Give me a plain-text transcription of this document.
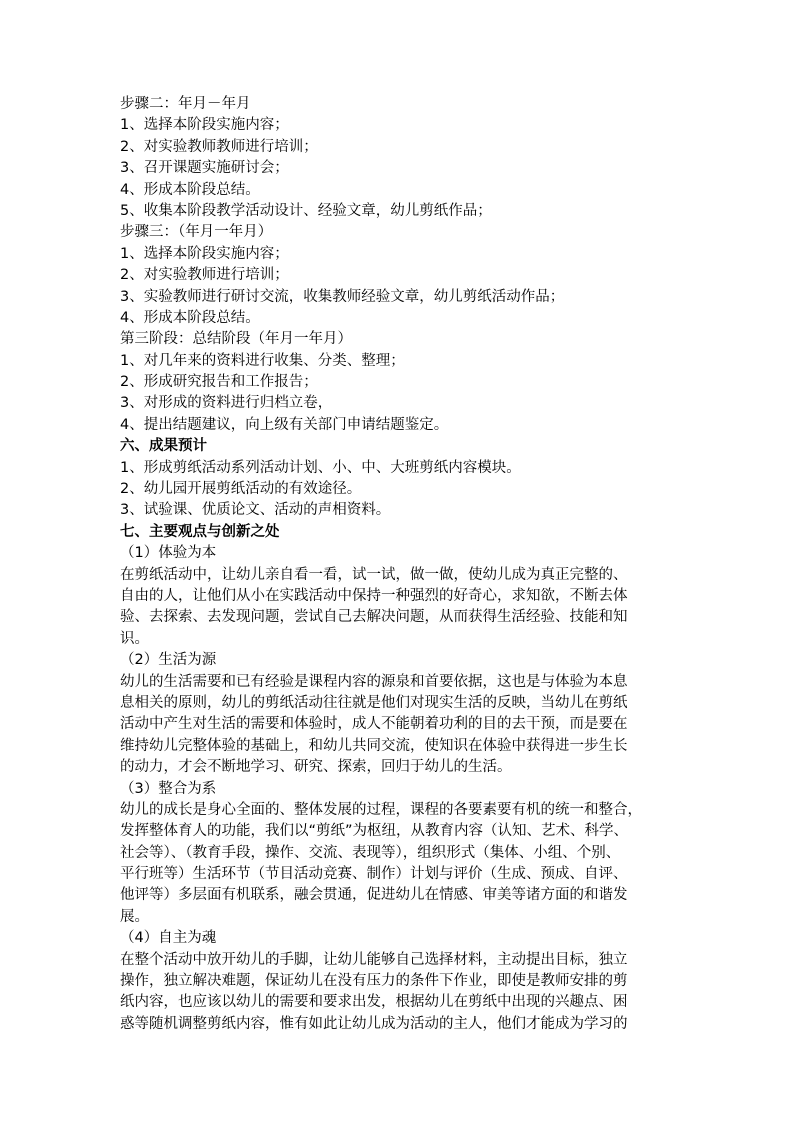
步骤二：年月－年月
1、选择本阶段实施内容；
2、对实验教师教师进行培训；
3、召开课题实施研讨会；
4、形成本阶段总结。
5、收集本阶段教学活动设计、经验文章，幼儿剪纸作品；
步骤三：（年月一年月）
1、选择本阶段实施内容；
2、对实验教师进行培训；
3、实验教师进行研讨交流，收集教师经验文章，幼儿剪纸活动作品；
4、形成本阶段总结。
第三阶段：总结阶段（年月一年月）
1、对几年来的资料进行收集、分类、整理；
2、形成研究报告和工作报告；
3、对形成的资料进行归档立卷，
4、提出结题建议，向上级有关部门申请结题鉴定。
六、成果预计
1、形成剪纸活动系列活动计划、小、中、大班剪纸内容模块。
2、幼儿园开展剪纸活动的有效途径。
3、试验课、优质论文、活动的声相资料。
七、主要观点与创新之处
（1）体验为本
在剪纸活动中，让幼儿亲自看一看，试一试，做一做，使幼儿成为真正完整的、
自由的人，让他们从小在实践活动中保持一种强烈的好奇心，求知欲，不断去体
验、去探索、去发现问题，尝试自己去解决问题，从而获得生活经验、技能和知
识。
（2）生活为源
幼儿的生活需要和已有经验是课程内容的源泉和首要依据，这也是与体验为本息
息相关的原则，幼儿的剪纸活动往往就是他们对现实生活的反映，当幼儿在剪纸
活动中产生对生活的需要和体验时，成人不能朝着功利的目的去干预，而是要在
维持幼儿完整体验的基础上，和幼儿共同交流，使知识在体验中获得进一步生长
的动力，才会不断地学习、研究、探索，回归于幼儿的生活。
（3）整合为系
幼儿的成长是身心全面的、整体发展的过程，课程的各要素要有机的统一和整合，
发挥整体育人的功能，我们以“剪纸”为枢纽，从教育内容（认知、艺术、科学、
社会等）、（教育手段，操作、交流、表现等），组织形式（集体、小组、个别、
平行班等）生活环节（节目活动竞赛、制作）计划与评价（生成、预成、自评、
他评等）多层面有机联系，融会贯通，促进幼儿在情感、审美等诸方面的和谐发
展。
（4）自主为魂
在整个活动中放开幼儿的手脚，让幼儿能够自己选择材料，主动提出目标，独立
操作，独立解决难题，保证幼儿在没有压力的条件下作业，即使是教师安排的剪
纸内容，也应该以幼儿的需要和要求出发，根据幼儿在剪纸中出现的兴趣点、困
惑等随机调整剪纸内容，惟有如此让幼儿成为活动的主人，他们才能成为学习的
